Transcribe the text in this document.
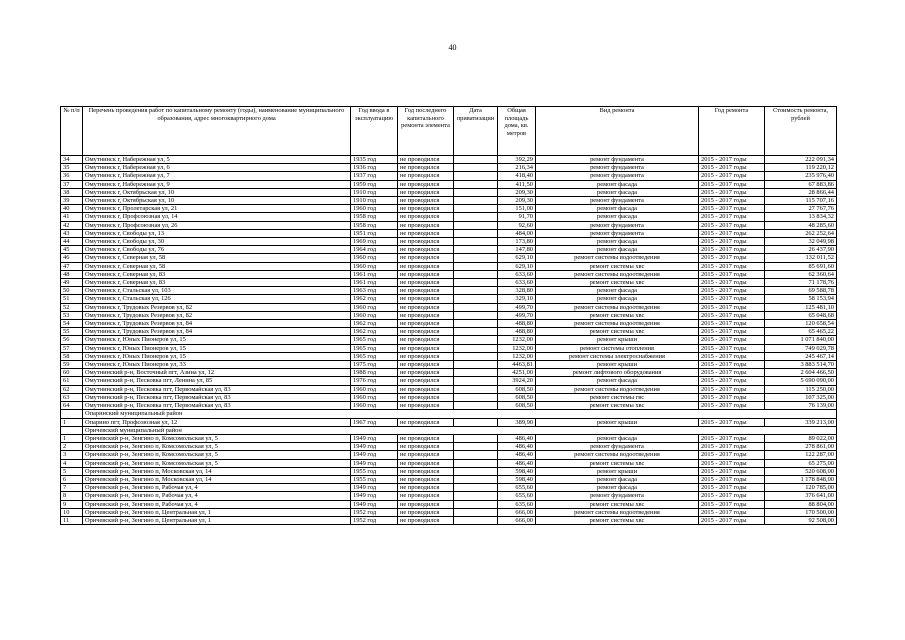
40
№ п/п	Перечень проведения работ по капитальному ремонту (годы), наименование муниципального образования, адрес многоквартирного дома	Год ввода в эксплуатацию	Год последнего капитального ремонта элемента	Дата приватизации	Общая площадь дома, кв. метров	Вид ремонта	Год ремонта	Стоимость ремонта, рублей
34	Омутнинск г, Набережная ул, 5	1935 год	не проводился		392,29	ремонт фундамента	2015 - 2017 годы	222 091,34
35	Омутнинск г, Набережная ул, 6	1936 год	не проводился		216,34	ремонт фундамента	2015 - 2017 годы	119 220,12
36	Омутнинск г, Набережная ул, 7	1937 год	не проводился		418,40	ремонт фундамента	2015 - 2017 годы	235 976,40
37	Омутнинск г, Набережная ул, 9	1959 год	не проводился		411,50	ремонт фасада	2015 - 2017 годы	67 883,86
38	Омутнинск г, Октябрьская ул, 10	1910 год	не проводился		209,30	ремонт фасада	2015 - 2017 годы	28 866,44
39	Омутнинск г, Октябрьская ул, 10	1910 год	не проводился		209,30	ремонт фундамента	2015 - 2017 годы	115 707,16
40	Омутнинск г, Пролетарская ул, 21	1960 год	не проводился		151,00	ремонт фасада	2015 - 2017 годы	27 767,76
41	Омутнинск г, Профсоюзная ул, 14	1958 год	не проводился		91,70	ремонт фасада	2015 - 2017 годы	13 834,32
42	Омутнинск г, Профсоюзная ул, 26	1958 год	не проводился		92,60	ремонт фундамента	2015 - 2017 годы	48 285,60
43	Омутнинск г, Свободы ул, 13	1951 год	не проводился		484,00	ремонт фундамента	2015 - 2017 годы	262 252,64
44	Омутнинск г, Свободы ул, 30	1969 год	не проводился		173,80	ремонт фасада	2015 - 2017 годы	32 049,98
45	Омутнинск г, Свободы ул, 76	1964 год	не проводился		147,80	ремонт фасада	2015 - 2017 годы	26 437,90
46	Омутнинск г, Северная ул, 58	1960 год	не проводился		629,10	ремонт системы водоотведения	2015 - 2017 годы	132 011,52
47	Омутнинск г, Северная ул, 58	1960 год	не проводился		629,10	ремонт системы хвс	2015 - 2017 годы	85 691,60
48	Омутнинск г, Северная ул, 83	1961 год	не проводился		633,60	ремонт системы водоотведения	2015 - 2017 годы	62 360,64
49	Омутнинск г, Северная ул, 83	1961 год	не проводился		633,60	ремонт системы хвс	2015 - 2017 годы	71 178,76
50	Омутнинск г, Стальская ул, 103	1963 год	не проводился		328,80	ремонт фасада	2015 - 2017 годы	69 588,78
51	Омутнинск г, Стальская ул, 126	1962 год	не проводился		329,10	ремонт фасада	2015 - 2017 годы	58 153,94
52	Омутнинск г, Трудовых Резервов ул, 82	1960 год	не проводился		499,70	ремонт системы водоотведения	2015 - 2017 годы	125 481,10
53	Омутнинск г, Трудовых Резервов ул, 82	1960 год	не проводился		499,70	ремонт системы хвс	2015 - 2017 годы	65 048,68
54	Омутнинск г, Трудовых Резервов ул, 84	1962 год	не проводился		488,80	ремонт системы водоотведения	2015 - 2017 годы	120 658,54
55	Омутнинск г, Трудовых Резервов ул, 84	1962 год	не проводился		488,80	ремонт системы хвс	2015 - 2017 годы	65 465,22
56	Омутнинск г, Юных Пионеров ул, 15	1965 год	не проводился		1232,00	ремонт крыши	2015 - 2017 годы	1 071 840,00
57	Омутнинск г, Юных Пионеров ул, 15	1965 год	не проводился		1232,00	ремонт системы отопления	2015 - 2017 годы	749 029,78
58	Омутнинск г, Юных Пионеров ул, 15	1965 год	не проводился		1232,00	ремонт системы электроснабжения	2015 - 2017 годы	245 467,14
59	Омутнинск г, Юных Пионеров ул, 33	1975 год	не проводился		4463,81	ремонт крыши	2015 - 2017 годы	3 883 514,70
60	Омутнинский р-н, Восточный пгт, Азина ул, 12	1988 год	не проводился		4251,00	ремонт лифтового оборудования	2015 - 2017 годы	2 604 466,50
61	Омутнинский р-н, Песковка пгт, Ленина ул, 85	1976 год	не проводился		3924,20	ремонт фасада	2015 - 2017 годы	5 690 090,00
62	Омутнинский р-н, Песковка пгт, Первомайская ул, 83	1960 год	не проводился		608,50	ремонт системы водоотведения	2015 - 2017 годы	115 250,00
63	Омутнинский р-н, Песковка пгт, Первомайская ул, 83	1960 год	не проводился		608,50	ремонт системы гвс	2015 - 2017 годы	107 325,00
64	Омутнинский р-н, Песковка пгт, Первомайская ул, 83	1960 год	не проводился		608,50	ремонт системы хвс	2015 - 2017 годы	76 139,00
	Опаринский муниципальный район							
1	Опарино пгт, Профсоюзная ул, 12	1967 год	не проводился		389,90	ремонт крыши	2015 - 2017 годы	339 213,00
	Оричевский муниципальный район							
1	Оричевский р-н, Зенгино п, Комсомольская ул, 5	1949 год	не проводился		486,40	ремонт фасада	2015 - 2017 годы	89 022,00
2	Оричевский р-н, Зенгино п, Комсомольская ул, 5	1949 год	не проводился		486,40	ремонт фундамента	2015 - 2017 годы	278 861,00
3	Оричевский р-н, Зенгино п, Комсомольская ул, 5	1949 год	не проводился		486,40	ремонт системы водоотведения	2015 - 2017 годы	122 287,00
4	Оричевский р-н, Зенгино п, Комсомольская ул, 5	1949 год	не проводился		486,40	ремонт системы хвс	2015 - 2017 годы	65 275,00
5	Оричевский р-н, Зенгино п, Московская ул, 14	1955 год	не проводился		598,40	ремонт крыши	2015 - 2017 годы	520 608,00
6	Оричевский р-н, Зенгино п, Московская ул, 14	1955 год	не проводился		598,40	ремонт фасада	2015 - 2017 годы	1 178 848,00
7	Оричевский р-н, Зенгино п, Рабочая ул, 4	1949 год	не проводился		655,60	ремонт фасада	2015 - 2017 годы	120 785,00
8	Оричевский р-н, Зенгино п, Рабочая ул, 4	1949 год	не проводился		655,60	ремонт фундамента	2015 - 2017 годы	376 641,00
9	Оричевский р-н, Зенгино п, Рабочая ул, 4	1949 год	не проводился		635,60	ремонт системы хвс	2015 - 2017 годы	88 804,00
10	Оричевский р-н, Зенгино п, Центральная ул, 1	1952 год	не проводился		666,00	ремонт системы водоотведения	2015 - 2017 годы	170 500,00
11	Оричевский р-н, Зенгино п, Центральная ул, 1	1952 год	не проводился		666,00	ремонт системы хвс	2015 - 2017 годы	92 508,00
